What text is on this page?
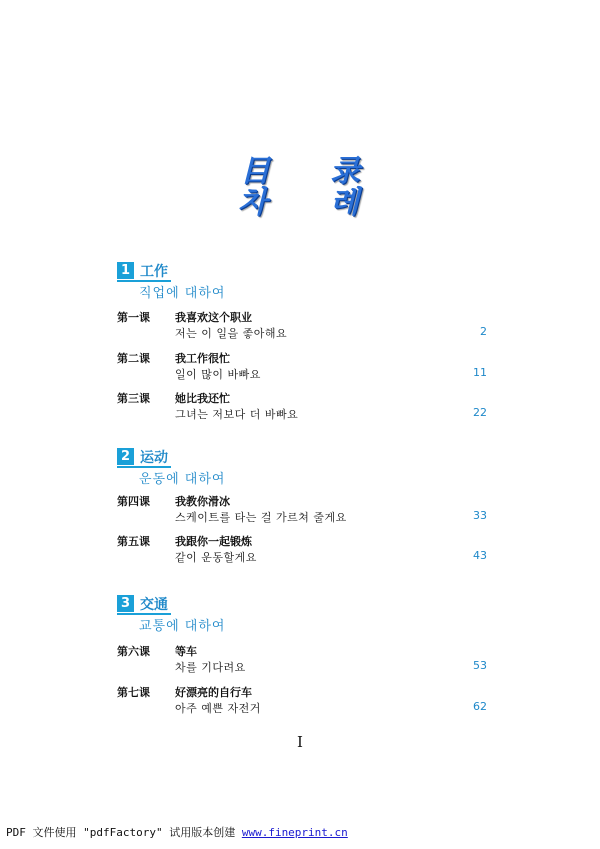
目 录
차 례
1 工作
직업에 대하여
第一课 我喜欢这个职业
저는 이 일을 좋아해요	2
第二课 我工作很忙
일이 많이 바빠요	11
第三课 她比我还忙
그녀는 저보다 더 바빠요	22
2 运动
운동에 대하여
第四课 我教你滑冰
스케이트를 타는 걸 가르쳐 줄게요	33
第五课 我跟你一起锻炼
같이 운동할게요	43
3 交通
교통에 대하여
第六课 等车
차를 기다려요	53
第七课 好漂亮的自行车
아주 예쁜 자전거	62
I
PDF 文件使用 "pdfFactory" 试用版本创建 www.fineprint.cn
